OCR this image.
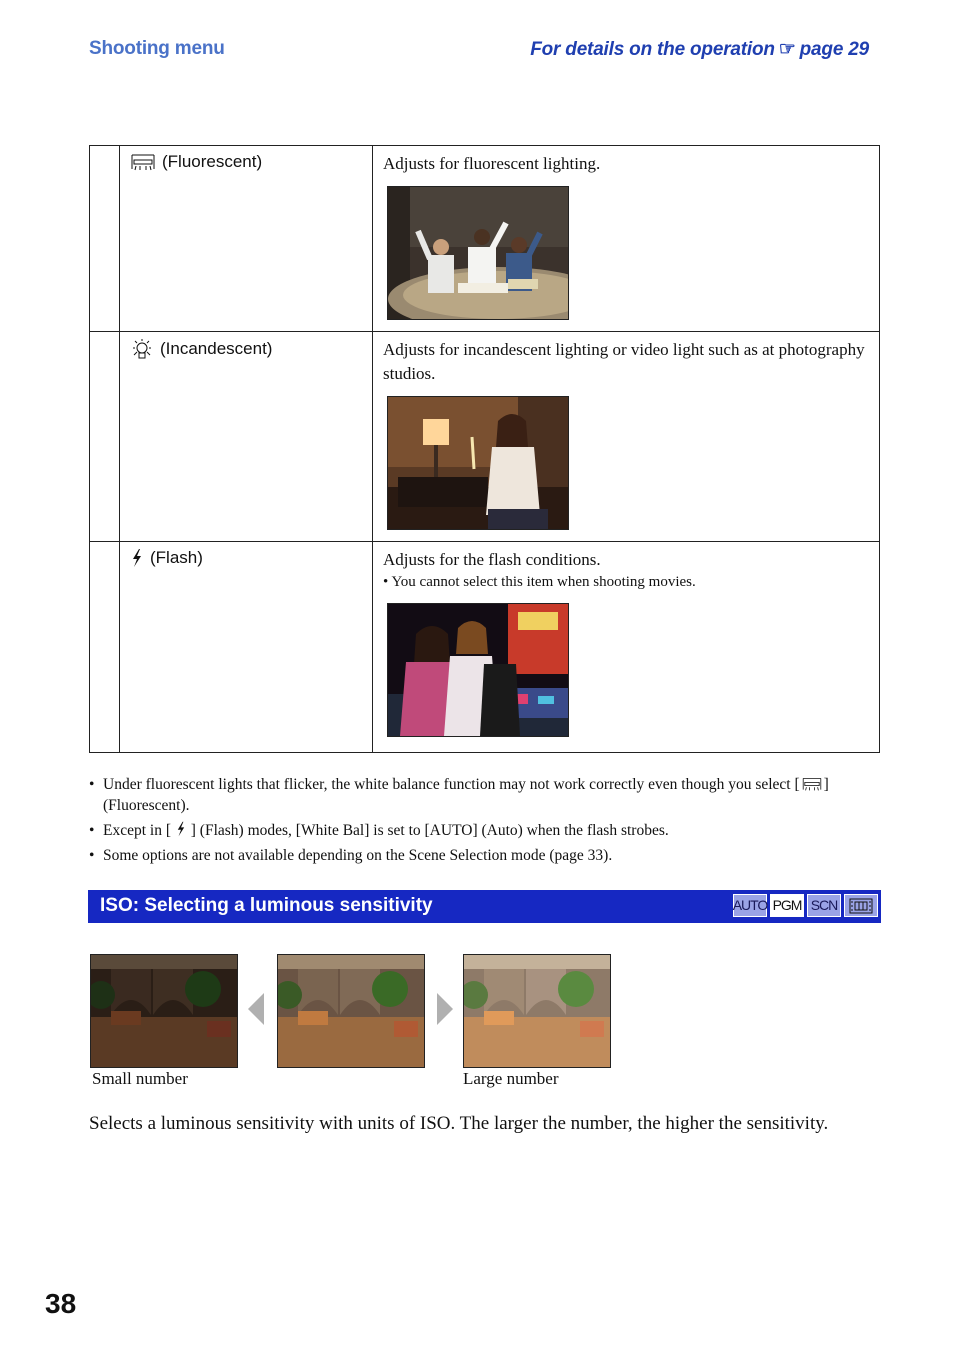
Shooting menu	For details on the operation ☞ page 29

	(Fluorescent)	Adjusts for fluorescent lighting.

	(Incandescent)	Adjusts for incandescent lighting or video light such as at photography studios.

	(Flash)	Adjusts for the flash conditions.
• You cannot select this item when shooting movies.
• Under fluorescent lights that flicker, the white balance function may not work correctly even though you select [ ] (Fluorescent).
• Except in [ ] (Flash) modes, [White Bal] is set to [AUTO] (Auto) when the flash strobes.
• Some options are not available depending on the Scene Selection mode (page 33).
ISO: Selecting a luminous sensitivity	AUTO PGM SCN
Small number	Large number
Selects a luminous sensitivity with units of ISO. The larger the number, the higher the sensitivity.
38
